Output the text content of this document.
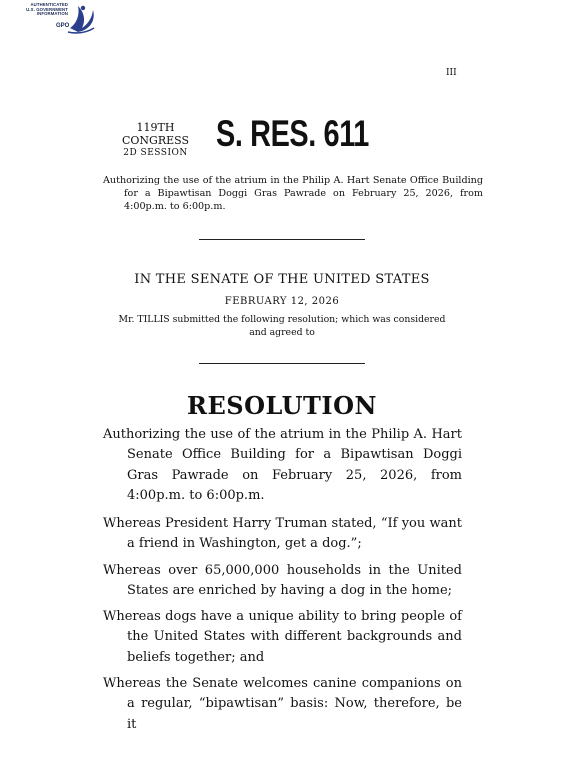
AUTHENTICATED
U.S. GOVERNMENT
INFORMATION
GPO
III
119TH CONGRESS
2D SESSION S. RES. 611
Authorizing the use of the atrium in the Philip A. Hart Senate Office Building for a Bipawtisan Doggi Gras Pawrade on February 25, 2026, from 4:00p.m. to 6:00p.m.
IN THE SENATE OF THE UNITED STATES
FEBRUARY 12, 2026
Mr. TILLIS submitted the following resolution; which was considered and agreed to
RESOLUTION

Authorizing the use of the atrium in the Philip A. Hart Senate Office Building for a Bipawtisan Doggi Gras Pawrade on February 25, 2026, from 4:00p.m. to 6:00p.m.

Whereas President Harry Truman stated, “If you want a friend in Washington, get a dog.”;

Whereas over 65,000,000 households in the United States are enriched by having a dog in the home;

Whereas dogs have a unique ability to bring people of the United States with different backgrounds and beliefs together; and

Whereas the Senate welcomes canine companions on a regular, “bipawtisan” basis: Now, therefore, be it
